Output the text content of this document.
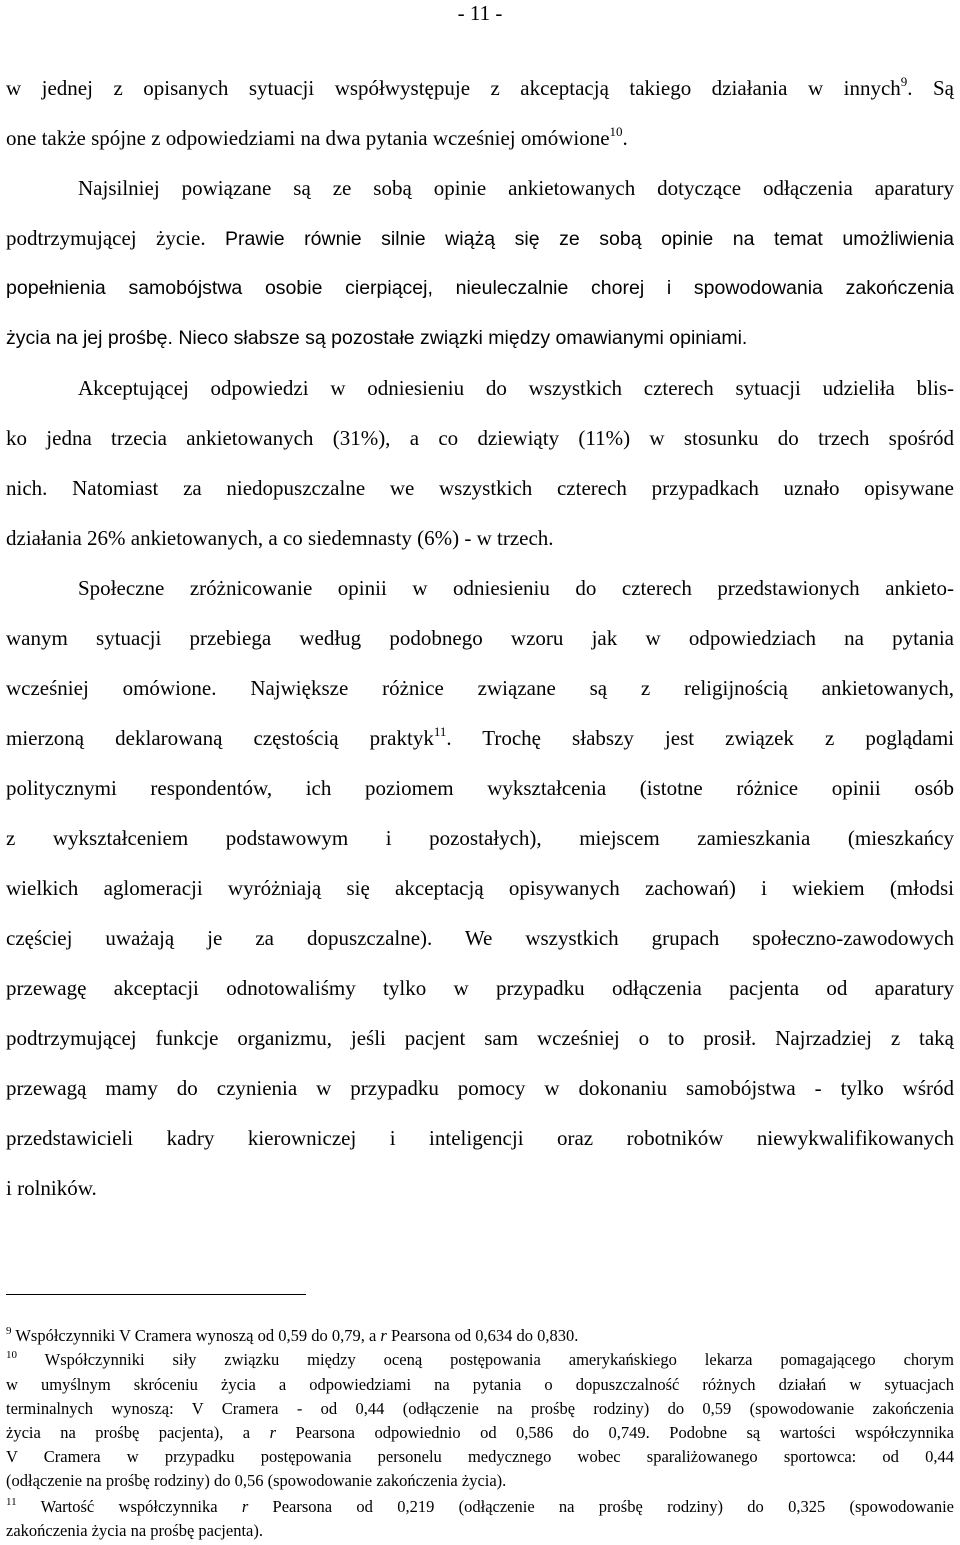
- 11 -
w jednej z opisanych sytuacji współwystępuje z akceptacją takiego działania w innych$^9$. Są
one także spójne z odpowiedziami na dwa pytania wcześniej omówione$^{10}$.
Najsilniej powiązane są ze sobą opinie ankietowanych dotyczące odłączenia aparatury
podtrzymującej życie. Prawie równie silnie wiążą się ze sobą opinie na temat umożliwienia
popełnienia samobójstwa osobie cierpiącej, nieuleczalnie chorej i spowodowania zakończenia
życia na jej prośbę. Nieco słabsze są pozostałe związki między omawianymi opiniami.
Akceptującej odpowiedzi w odniesieniu do wszystkich czterech sytuacji udzieliła blis-
ko jedna trzecia ankietowanych (31%), a co dziewiąty (11%) w stosunku do trzech spośród
nich. Natomiast za niedopuszczalne we wszystkich czterech przypadkach uznało opisywane
działania 26% ankietowanych, a co siedemnasty (6%) - w trzech.
Społeczne zróżnicowanie opinii w odniesieniu do czterech przedstawionych ankieto-
wanym sytuacji przebiega według podobnego wzoru jak w odpowiedziach na pytania
wcześniej omówione. Największe różnice związane są z religijnością ankietowanych,
mierzoną deklarowaną częstością praktyk$^{11}$. Trochę słabszy jest związek z poglądami
politycznymi respondentów, ich poziomem wykształcenia (istotne różnice opinii osób
z wykształceniem podstawowym i pozostałych), miejscem zamieszkania (mieszkańcy
wielkich aglomeracji wyróżniają się akceptacją opisywanych zachowań) i wiekiem (młodsi
częściej uważają je za dopuszczalne). We wszystkich grupach społeczno-zawodowych
przewagę akceptacji odnotowaliśmy tylko w przypadku odłączenia pacjenta od aparatury
podtrzymującej funkcje organizmu, jeśli pacjent sam wcześniej o to prosił. Najrzadziej z taką
przewagą mamy do czynienia w przypadku pomocy w dokonaniu samobójstwa - tylko wśród
przedstawicieli kadry kierowniczej i inteligencji oraz robotników niewykwalifikowanych
i rolników.
$^9$ Współczynniki V Cramera wynoszą od 0,59 do 0,79, a r Pearsona od 0,634 do 0,830.
$^{10}$ Współczynniki siły związku między oceną postępowania amerykańskiego lekarza pomagającego chorym
w umyślnym skróceniu życia a odpowiedziami na pytania o dopuszczalność różnych działań w sytuacjach
terminalnych wynoszą: V Cramera - od 0,44 (odłączenie na prośbę rodziny) do 0,59 (spowodowanie zakończenia
życia na prośbę pacjenta), a r Pearsona odpowiednio od 0,586 do 0,749. Podobne są wartości współczynnika
V Cramera w przypadku postępowania personelu medycznego wobec sparaliżowanego sportowca: od 0,44
(odłączenie na prośbę rodziny) do 0,56 (spowodowanie zakończenia życia).
$^{11}$ Wartość współczynnika r Pearsona od 0,219 (odłączenie na prośbę rodziny) do 0,325 (spowodowanie
zakończenia życia na prośbę pacjenta).
